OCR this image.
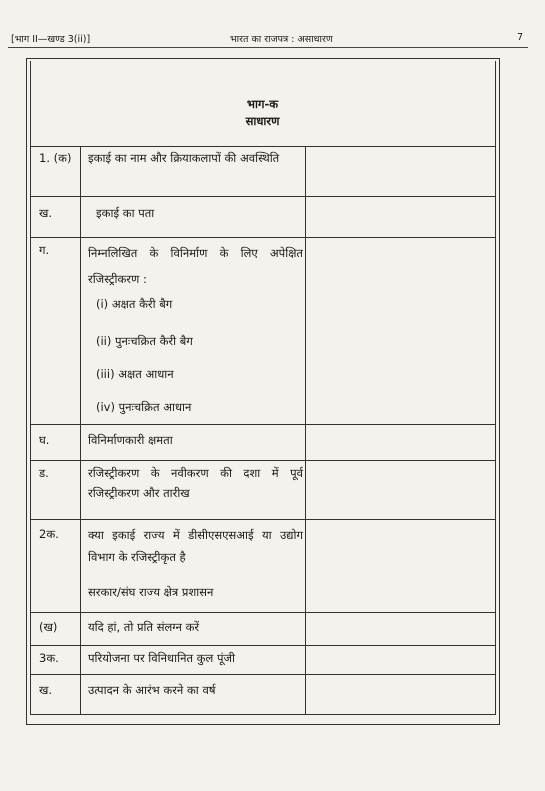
[भाग II—खण्ड 3(ii)]	भारत का राजपत्र : असाधारण	7
भाग-क
साधारण
1. (क) इकाई का नाम और क्रियाकलापों की अवस्थिति
ख.	इकाई का पता
ग.	निम्नलिखित के विनिर्माण के लिए अपेक्षित रजिस्ट्रीकरण :
(i) अक्षत कैरी बैग
(ii) पुनःचक्रित कैरी बैग
(iii) अक्षत आधान
(iv) पुनःचक्रित आधान
घ.	विनिर्माणकारी क्षमता
ड.	रजिस्ट्रीकरण के नवीकरण की दशा में पूर्व रजिस्ट्रीकरण और तारीख
2क.	क्या इकाई राज्य में डीसीएसएसआई या उद्योग विभाग के रजिस्ट्रीकृत है
सरकार/संघ राज्य क्षेत्र प्रशासन
(ख)	यदि हां, तो प्रति संलग्न करें
3क.	परियोजना पर विनिधानित कुल पूंजी
ख.	उत्पादन के आरंभ करने का वर्ष
